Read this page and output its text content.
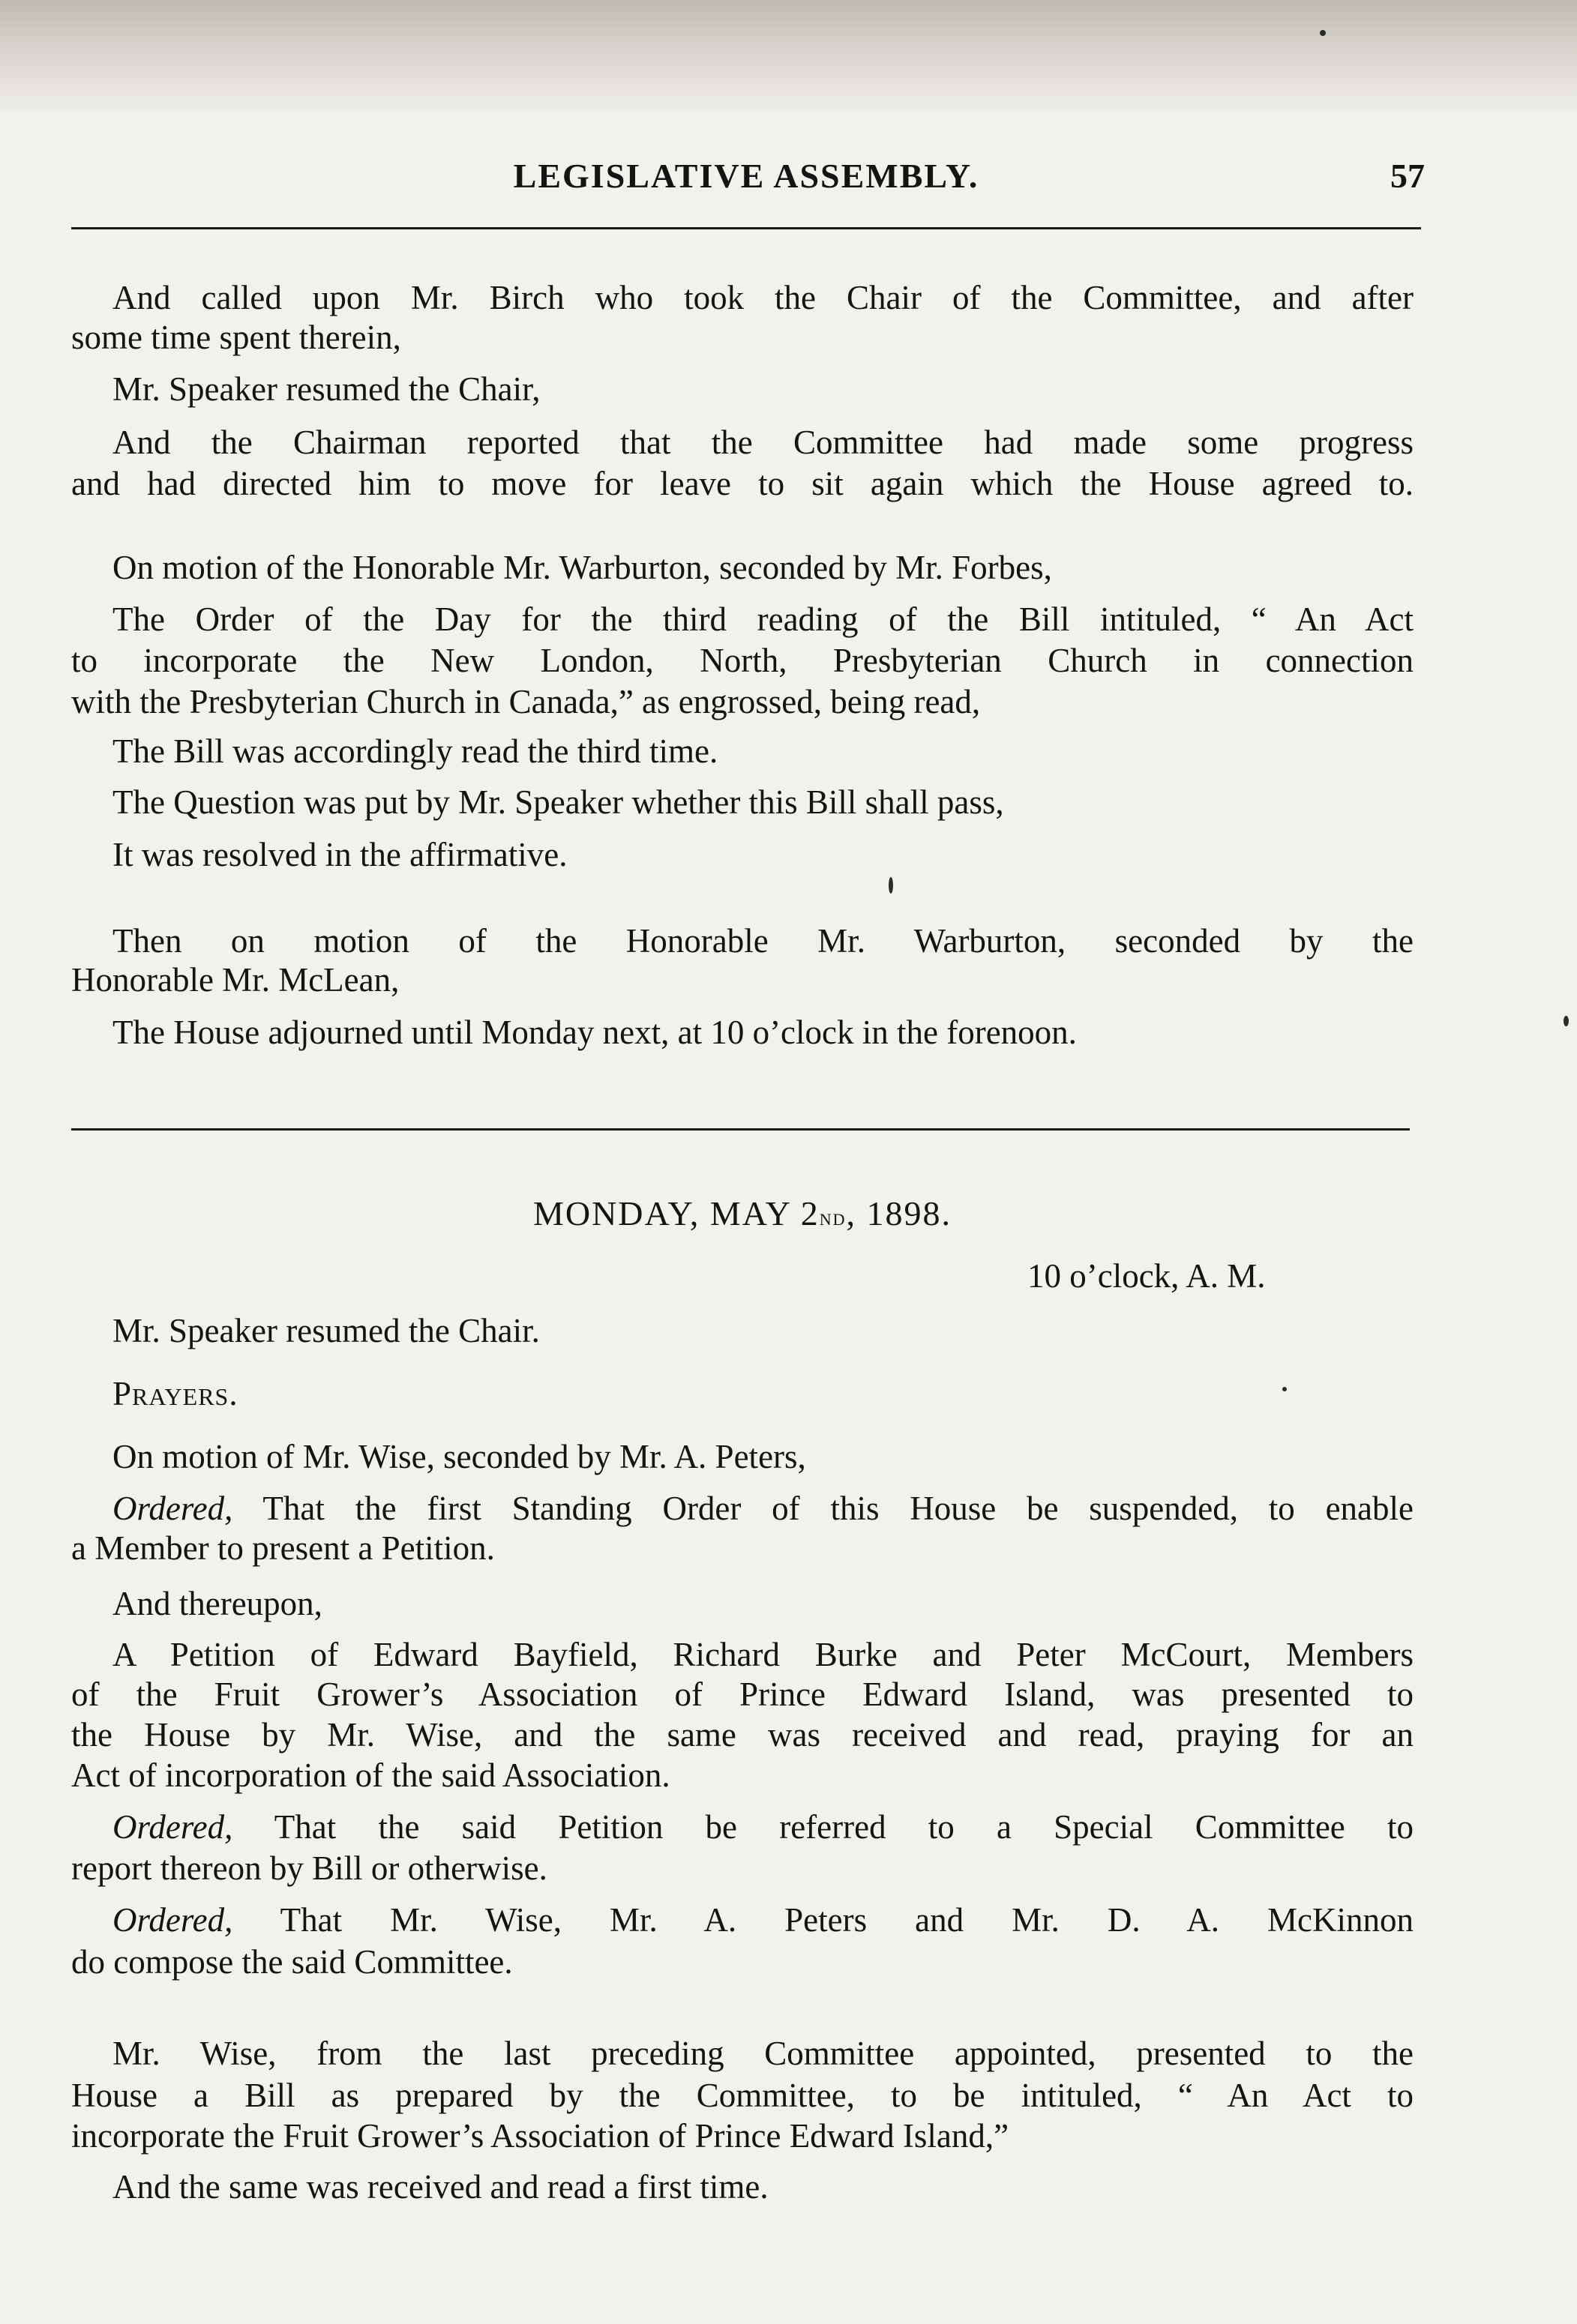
LEGISLATIVE ASSEMBLY.	57
And called upon Mr. Birch who took the Chair of the Committee, and after
some time spent therein,
Mr. Speaker resumed the Chair,
And the Chairman reported that the Committee had made some progress
and had directed him to move for leave to sit again which the House agreed to.
On motion of the Honorable Mr. Warburton, seconded by Mr. Forbes,
The Order of the Day for the third reading of the Bill intituled, “ An Act
to incorporate the New London, North, Presbyterian Church in connection
with the Presbyterian Church in Canada,” as engrossed, being read,
The Bill was accordingly read the third time.
The Question was put by Mr. Speaker whether this Bill shall pass,
It was resolved in the affirmative.
Then on motion of the Honorable Mr. Warburton, seconded by the
Honorable Mr. McLean,
The House adjourned until Monday next, at 10 o’clock in the forenoon.
MONDAY, MAY 2nd, 1898.
10 o’clock, A. M.
Mr. Speaker resumed the Chair.
Prayers.
On motion of Mr. Wise, seconded by Mr. A. Peters,
Ordered, That the first Standing Order of this House be suspended, to enable
a Member to present a Petition.
And thereupon,
A Petition of Edward Bayfield, Richard Burke and Peter McCourt, Members
of the Fruit Grower’s Association of Prince Edward Island, was presented to
the House by Mr. Wise, and the same was received and read, praying for an
Act of incorporation of the said Association.
Ordered, That the said Petition be referred to a Special Committee to
report thereon by Bill or otherwise.
Ordered, That Mr. Wise, Mr. A. Peters and Mr. D. A. McKinnon
do compose the said Committee.
Mr. Wise, from the last preceding Committee appointed, presented to the
House a Bill as prepared by the Committee, to be intituled, “ An Act to
incorporate the Fruit Grower’s Association of Prince Edward Island,”
And the same was received and read a first time.
